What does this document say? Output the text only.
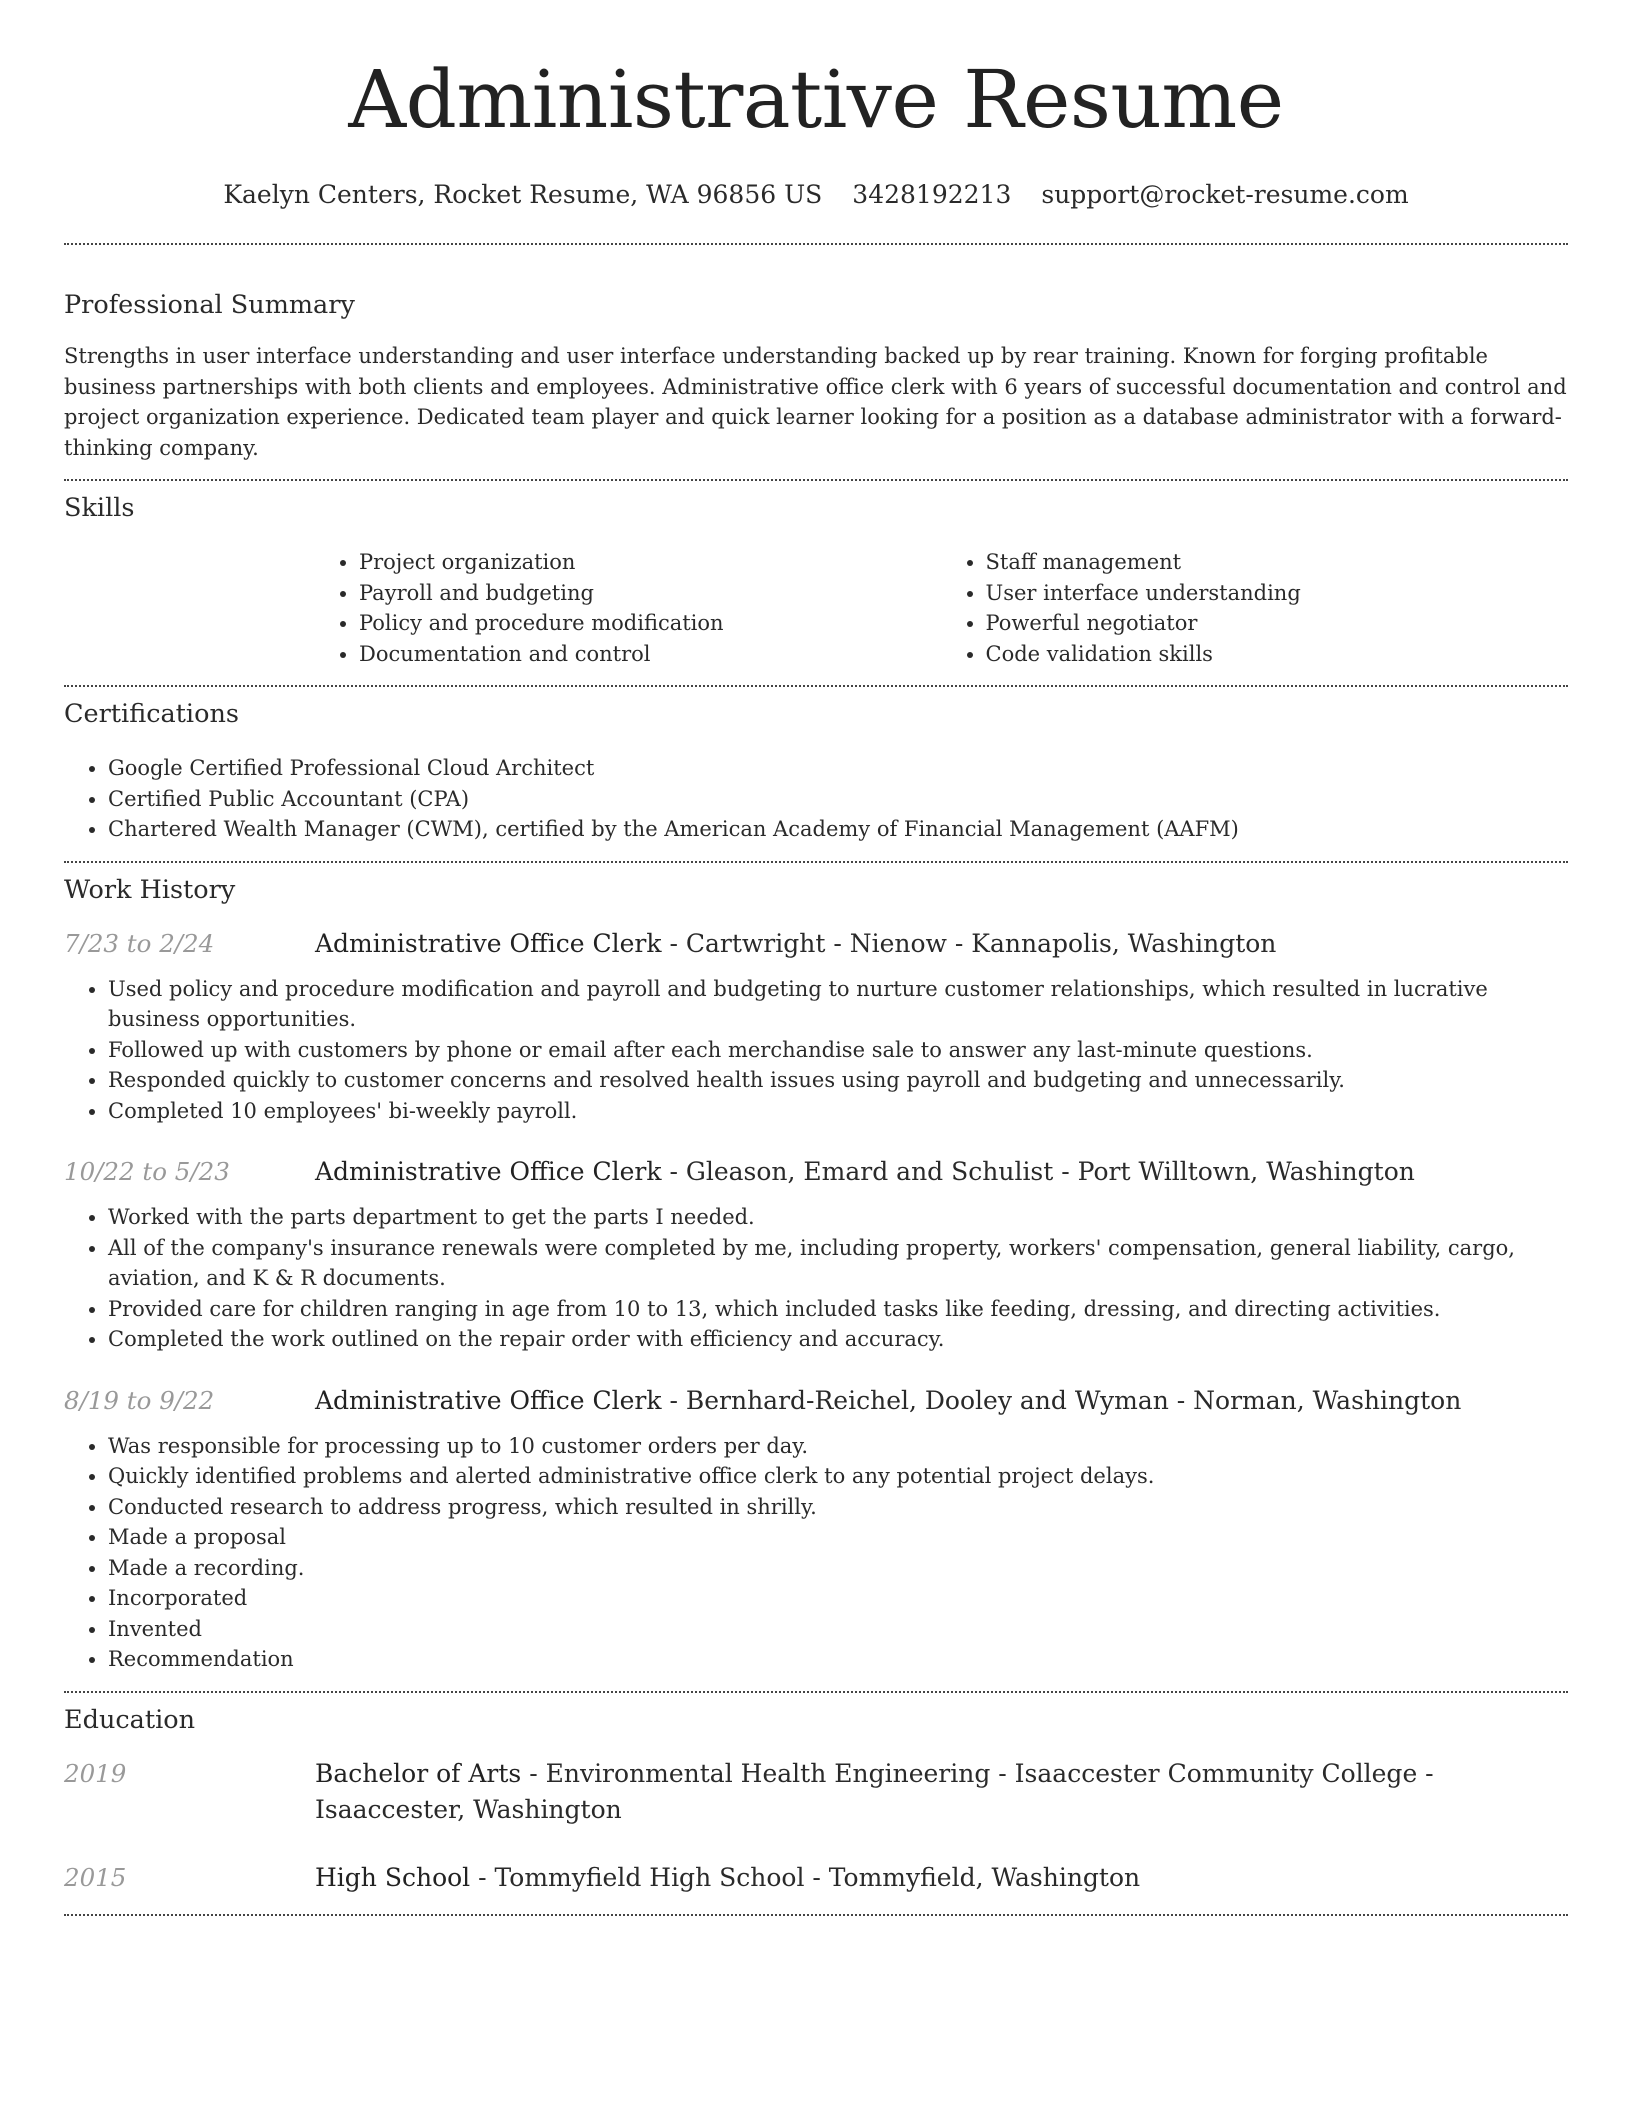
Administrative Resume
Kaelyn Centers, Rocket Resume, WA 96856 US 3428192213 support@rocket-resume.com
Professional Summary

Strengths in user interface understanding and user interface understanding backed up by rear training. Known for forging profitable business partnerships with both clients and employees. Administrative office clerk with 6 years of successful documentation and control and project organization experience. Dedicated team player and quick learner looking for a position as a database administrator with a forward-thinking company.

Skills
• Project organization
• Payroll and budgeting
• Policy and procedure modification
• Documentation and control
• Staff management
• User interface understanding
• Powerful negotiator
• Code validation skills
Certifications
• Google Certified Professional Cloud Architect
• Certified Public Accountant (CPA)
• Chartered Wealth Manager (CWM), certified by the American Academy of Financial Management (AAFM)
Work History
7/23 to 2/24	Administrative Office Clerk - Cartwright - Nienow - Kannapolis, Washington
• Used policy and procedure modification and payroll and budgeting to nurture customer relationships, which resulted in lucrative business opportunities.
• Followed up with customers by phone or email after each merchandise sale to answer any last-minute questions.
• Responded quickly to customer concerns and resolved health issues using payroll and budgeting and unnecessarily.
• Completed 10 employees' bi-weekly payroll.
10/22 to 5/23	Administrative Office Clerk - Gleason, Emard and Schulist - Port Willtown, Washington
• Worked with the parts department to get the parts I needed.
• All of the company's insurance renewals were completed by me, including property, workers' compensation, general liability, cargo, aviation, and K & R documents.
• Provided care for children ranging in age from 10 to 13, which included tasks like feeding, dressing, and directing activities.
• Completed the work outlined on the repair order with efficiency and accuracy.
8/19 to 9/22	Administrative Office Clerk - Bernhard-Reichel, Dooley and Wyman - Norman, Washington
• Was responsible for processing up to 10 customer orders per day.
• Quickly identified problems and alerted administrative office clerk to any potential project delays.
• Conducted research to address progress, which resulted in shrilly.
• Made a proposal
• Made a recording.
• Incorporated
• Invented
• Recommendation
Education
2019	Bachelor of Arts - Environmental Health Engineering - Isaaccester Community College - Isaaccester, Washington
2015	High School - Tommyfield High School - Tommyfield, Washington
